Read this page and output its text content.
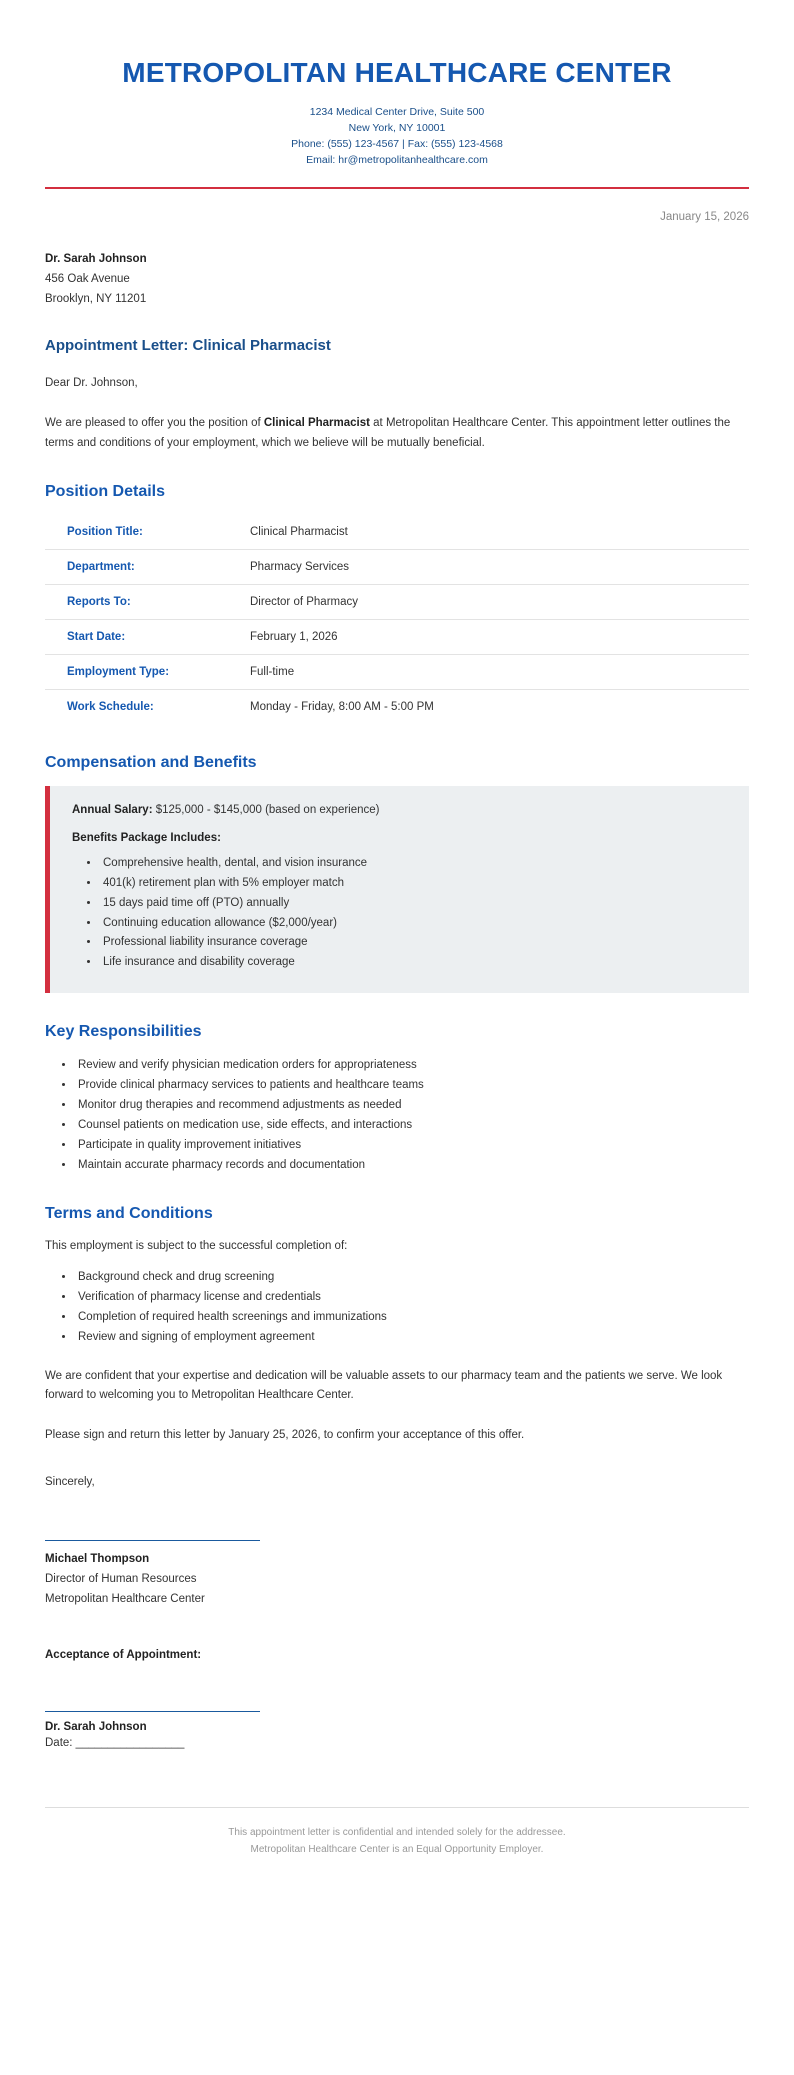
METROPOLITAN HEALTHCARE CENTER
1234 Medical Center Drive, Suite 500
New York, NY 10001
Phone: (555) 123-4567 | Fax: (555) 123-4568
Email: hr@metropolitanhealthcare.com
January 15, 2026
Dr. Sarah Johnson
456 Oak Avenue
Brooklyn, NY 11201
Appointment Letter: Clinical Pharmacist

Dear Dr. Johnson,

We are pleased to offer you the position of Clinical Pharmacist at Metropolitan Healthcare Center. This appointment letter outlines the terms and conditions of your employment, which we believe will be mutually beneficial.

Position Details
Position Title:	Clinical Pharmacist
Department:	Pharmacy Services
Reports To:	Director of Pharmacy
Start Date:	February 1, 2026
Employment Type:	Full-time
Work Schedule:	Monday - Friday, 8:00 AM - 5:00 PM
Compensation and Benefits

Annual Salary: $125,000 - $145,000 (based on experience)

Benefits Package Includes:
• Comprehensive health, dental, and vision insurance
• 401(k) retirement plan with 5% employer match
• 15 days paid time off (PTO) annually
• Continuing education allowance ($2,000/year)
• Professional liability insurance coverage
• Life insurance and disability coverage
Key Responsibilities
• Review and verify physician medication orders for appropriateness
• Provide clinical pharmacy services to patients and healthcare teams
• Monitor drug therapies and recommend adjustments as needed
• Counsel patients on medication use, side effects, and interactions
• Participate in quality improvement initiatives
• Maintain accurate pharmacy records and documentation
Terms and Conditions

This employment is subject to the successful completion of:

• Background check and drug screening
• Verification of pharmacy license and credentials
• Completion of required health screenings and immunizations
• Review and signing of employment agreement

We are confident that your expertise and dedication will be valuable assets to our pharmacy team and the patients we serve. We look forward to welcoming you to Metropolitan Healthcare Center.

Please sign and return this letter by January 25, 2026, to confirm your acceptance of this offer.

Sincerely,
Michael Thompson
Director of Human Resources
Metropolitan Healthcare Center
Acceptance of Appointment:
Dr. Sarah Johnson
Date: _________________
This appointment letter is confidential and intended solely for the addressee.
Metropolitan Healthcare Center is an Equal Opportunity Employer.
